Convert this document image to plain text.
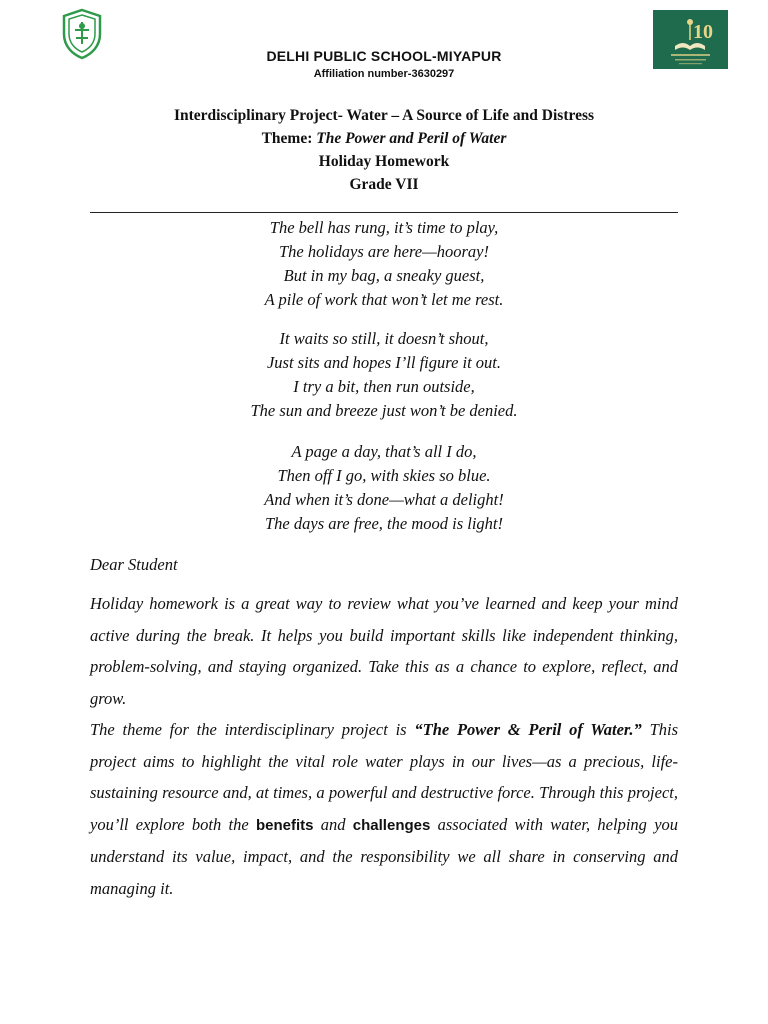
10
DELHI PUBLIC SCHOOL-MIYAPUR
Affiliation number-3630297
Interdisciplinary Project- Water – A Source of Life and Distress
Theme: The Power and Peril of Water
Holiday Homework
Grade VII
The bell has rung, it’s time to play,
The holidays are here—hooray!
But in my bag, a sneaky guest,
A pile of work that won’t let me rest.
It waits so still, it doesn’t shout,
Just sits and hopes I’ll figure it out.
I try a bit, then run outside,
The sun and breeze just won’t be denied.
A page a day, that’s all I do,
Then off I go, with skies so blue.
And when it’s done—what a delight!
The days are free, the mood is light!
Dear Student
Holiday homework is a great way to review what you’ve learned and keep your mind active during the break. It helps you build important skills like independent thinking, problem-solving, and staying organized. Take this as a chance to explore, reflect, and grow.
The theme for the interdisciplinary project is “The Power & Peril of Water.” This project aims to highlight the vital role water plays in our lives—as a precious, life-sustaining resource and, at times, a powerful and destructive force. Through this project, you’ll explore both the benefits and challenges associated with water, helping you understand its value, impact, and the responsibility we all share in conserving and managing it.
